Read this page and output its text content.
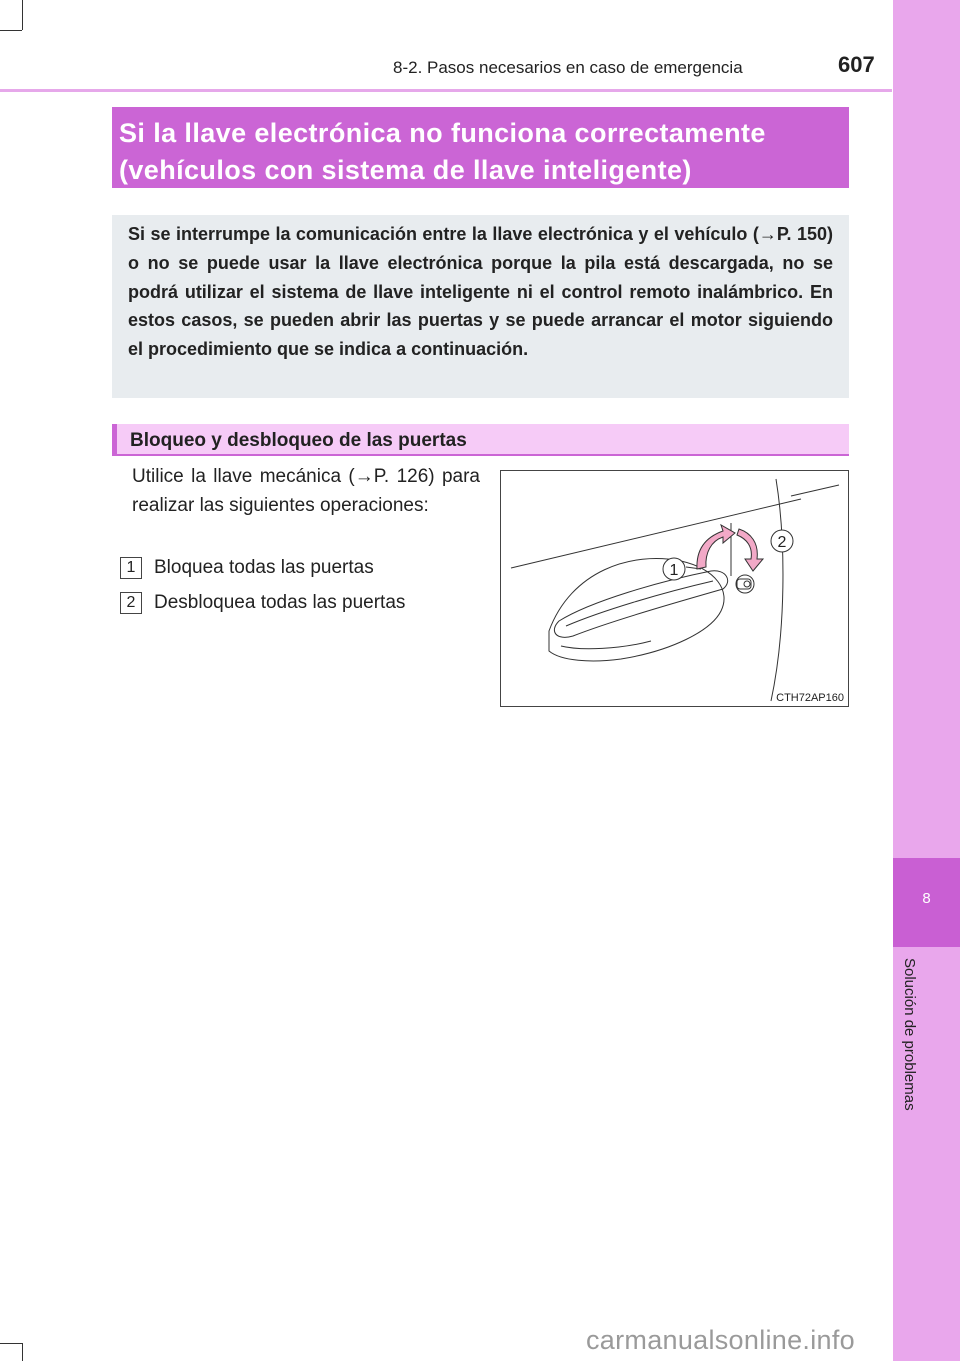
8
Solución de problemas
8-2. Pasos necesarios en caso de emergencia	607
Si la llave electrónica no funciona correctamente
(vehículos con sistema de llave inteligente)

Si se interrumpe la comunicación entre la llave electrónica y el vehículo (→P. 150) o no se puede usar la llave electrónica porque la pila está descargada, no se podrá utilizar el sistema de llave inteligente ni el control remoto inalámbrico. En estos casos, se pueden abrir las puertas y se puede arrancar el motor siguiendo el procedimiento que se indica a continuación.

Bloqueo y desbloqueo de las puertas
Utilice la llave mecánica (→P. 126) para realizar las siguientes operaciones:
1 Bloquea todas las puertas
2 Desbloquea todas las puertas
1
2
CTH72AP160
carmanualsonline.info
